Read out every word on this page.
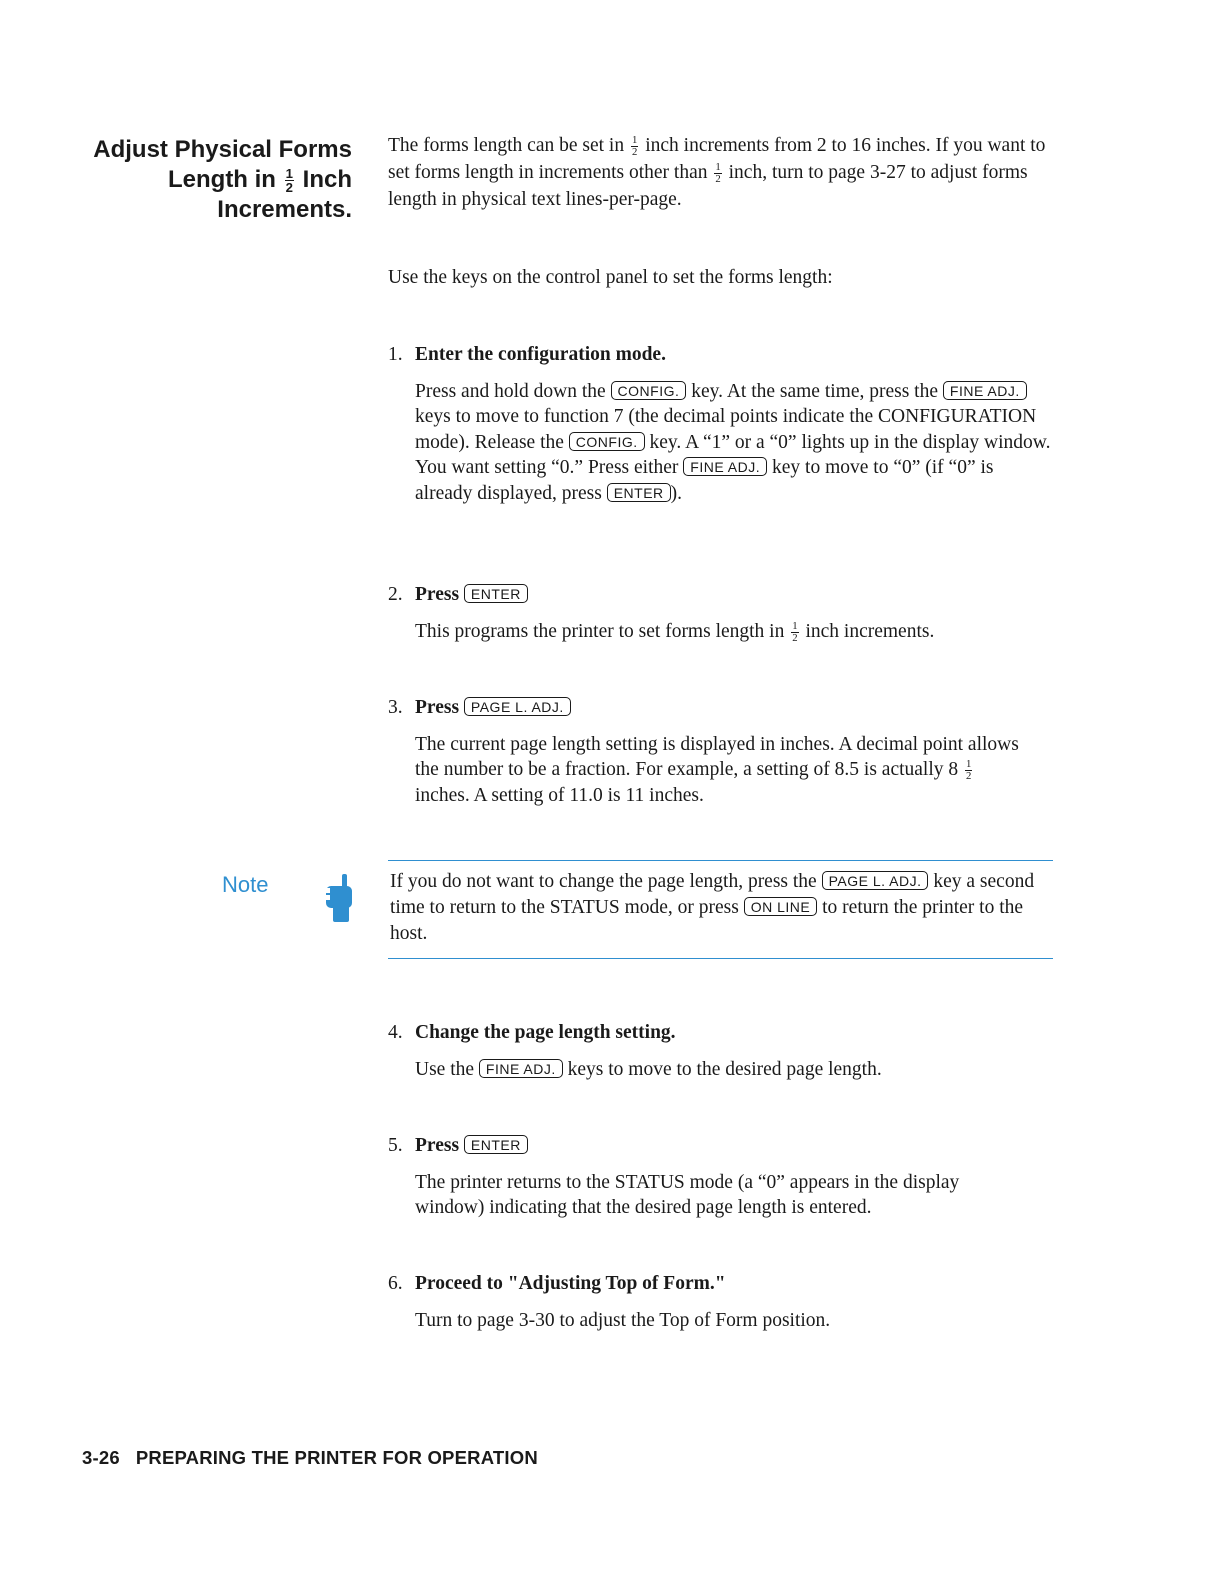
Adjust Physical Forms
Length in $\frac{1}{2}$ Inch
Increments.
The forms length can be set in $\frac{1}{2}$ inch increments from 2 to 16 inches. If you want to set forms length in increments other than $\frac{1}{2}$ inch, turn to page 3-27 to adjust forms length in physical text lines-per-page.
Use the keys on the control panel to set the forms length:
1. Enter the configuration mode.
Press and hold down the CONFIG. key. At the same time, press the FINE ADJ. keys to move to function 7 (the decimal points indicate the CONFIGURATION mode). Release the CONFIG. key. A “1” or a “0” lights up in the display window. You want setting “0.” Press either FINE ADJ. key to move to “0” (if “0” is already displayed, press ENTER ).
2. Press ENTER
This programs the printer to set forms length in $\frac{1}{2}$ inch increments.
3. Press PAGE L. ADJ.
The current page length setting is displayed in inches. A decimal point allows the number to be a fraction. For example, a setting of 8.5 is actually $8 \frac{1}{2}$
inches. A setting of 11.0 is 11 inches.
Note	If you do not want to change the page length, press the PAGE L. ADJ. key a second time to return to the STATUS mode, or press ON LINE to return the printer to the host.
4. Change the page length setting.
Use the FINE ADJ. keys to move to the desired page length.
5. Press ENTER
The printer returns to the STATUS mode (a “0” appears in the display window) indicating that the desired page length is entered.
6. Proceed to "Adjusting Top of Form."
Turn to page 3-30 to adjust the Top of Form position.
3-26   PREPARING THE PRINTER FOR OPERATION
